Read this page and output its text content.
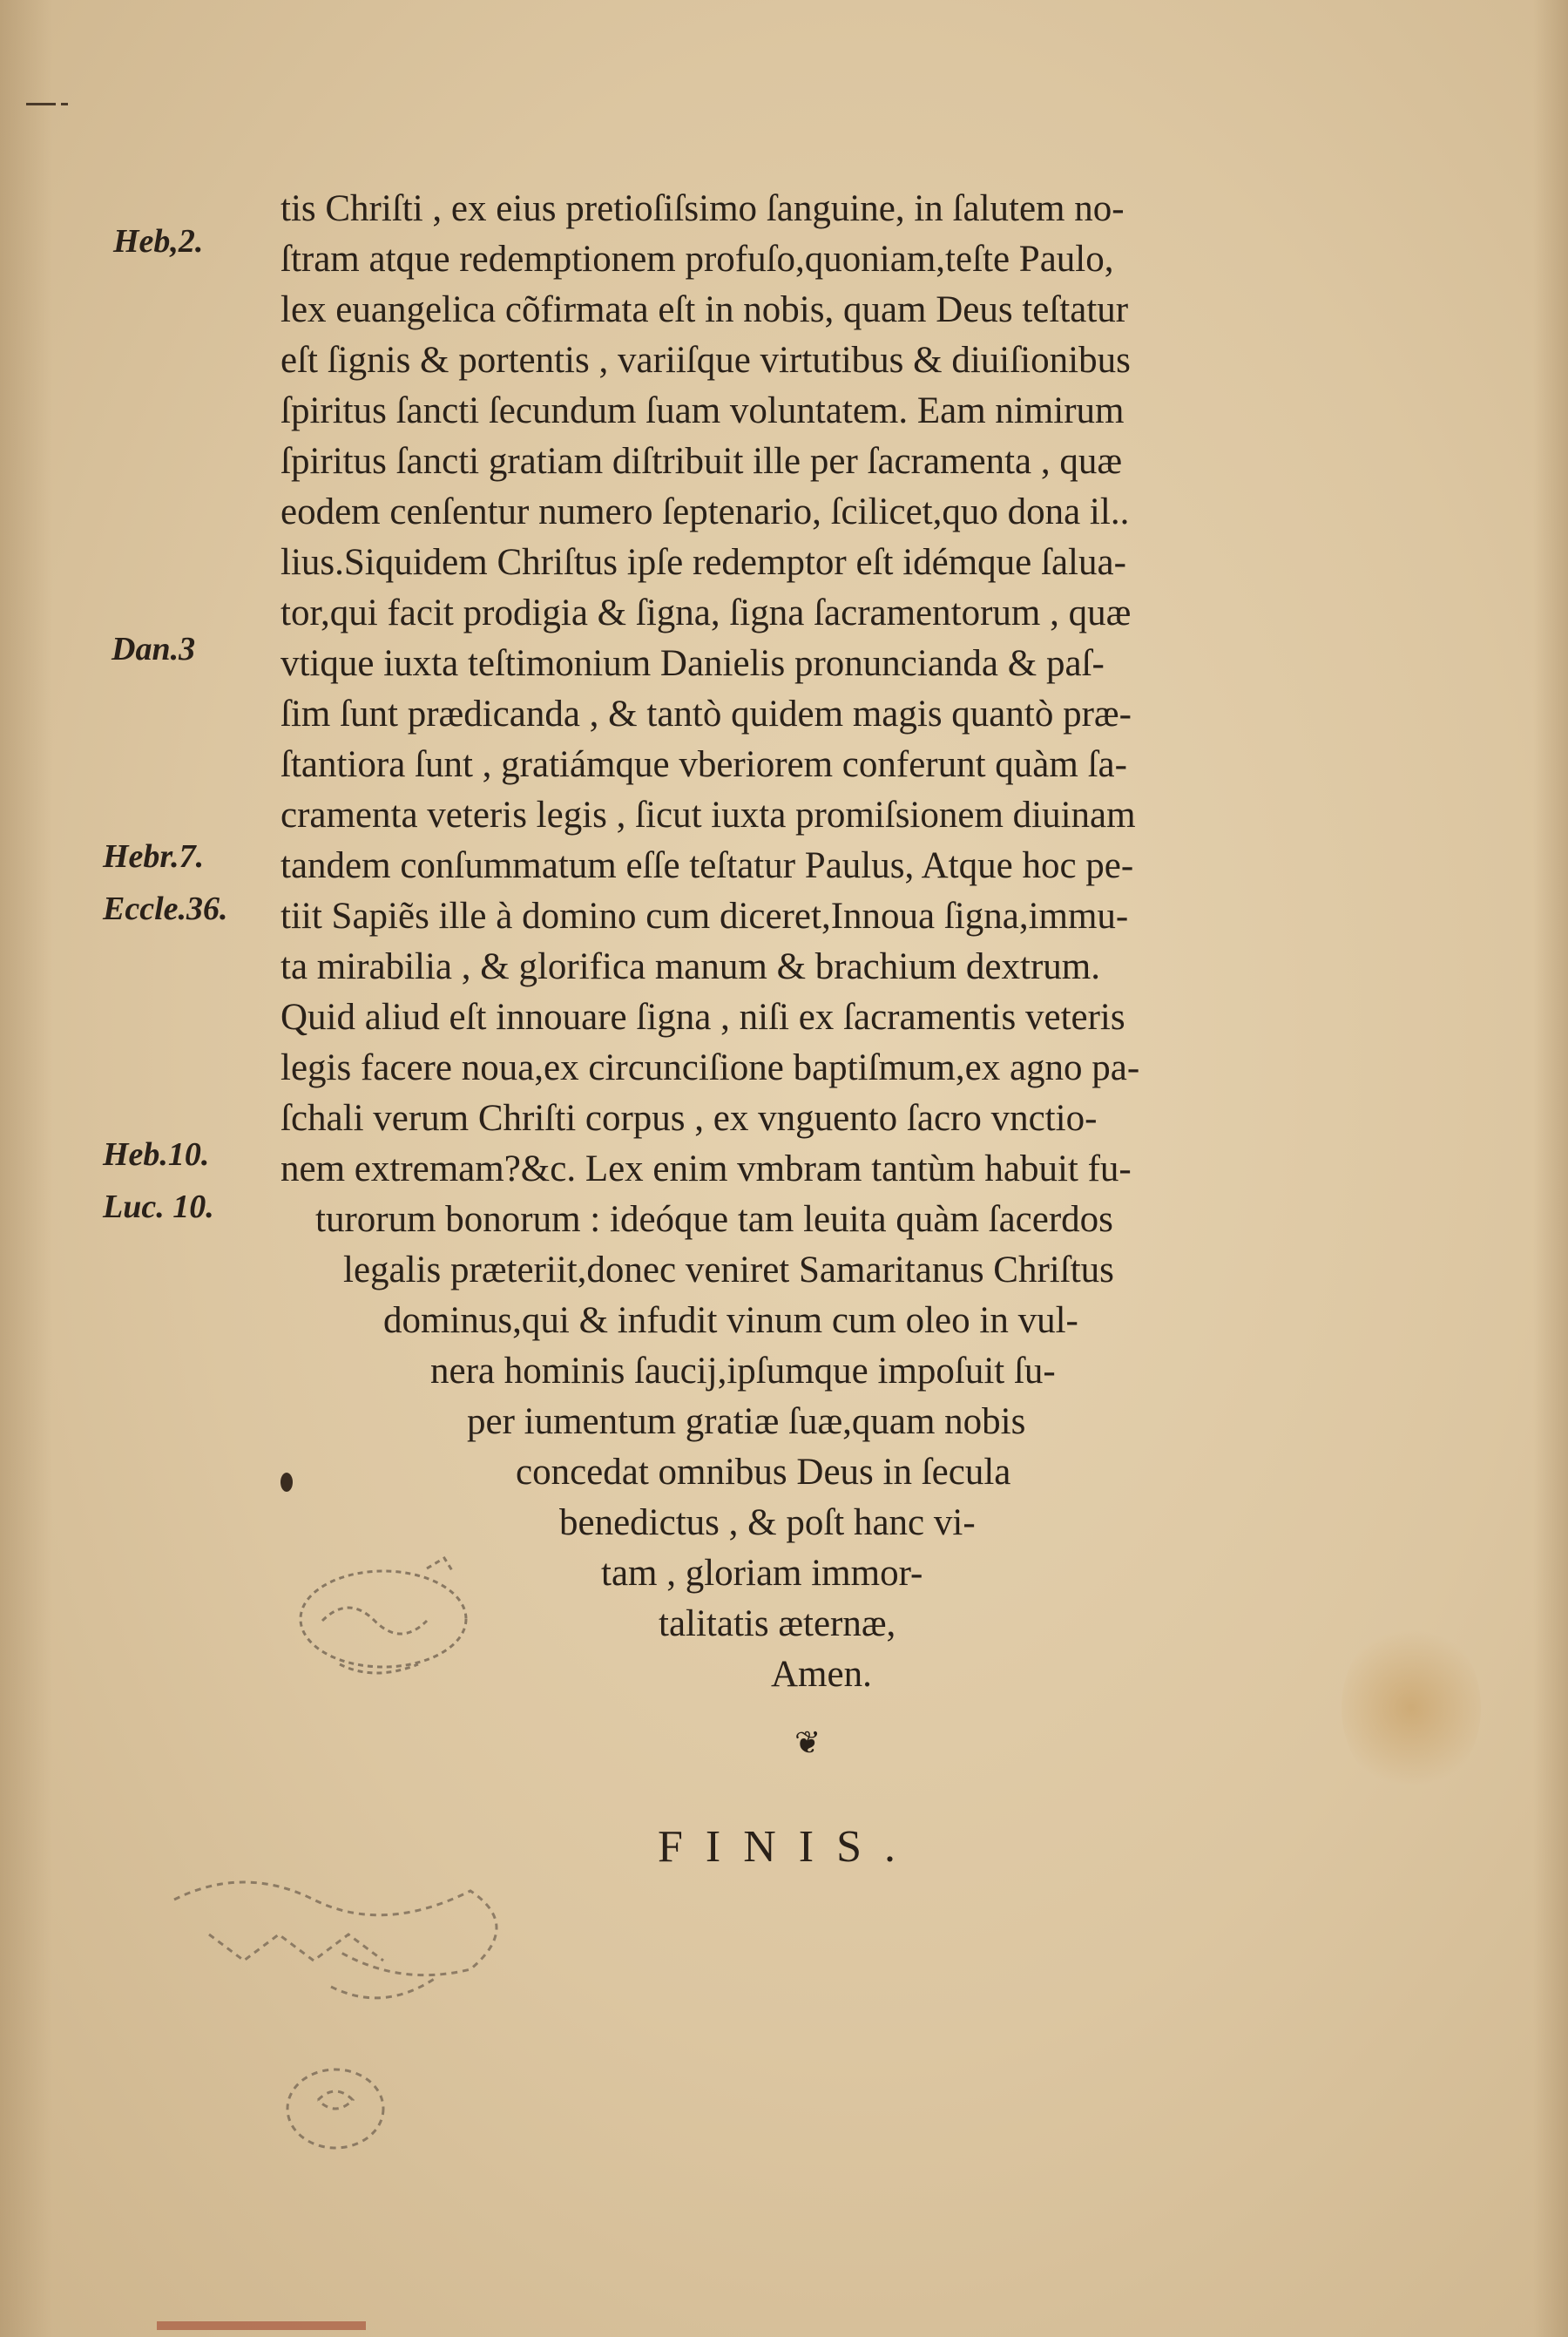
Heb,2.
Dan.3
Hebr.7.
Eccle.36.
Heb.10.
Luc. 10.
tis Chriſti , ex eius pretioſiſsimo ſanguine, in ſalutem no-
ſtram atque redemptionem profuſo,quoniam,teſte Paulo,
lex euangelica cõfirmata eſt in nobis, quam Deus teſtatur
eſt ſignis & portentis , variiſque virtutibus & diuiſionibus
ſpiritus ſancti ſecundum ſuam voluntatem. Eam nimirum
ſpiritus ſancti gratiam diſtribuit ille per ſacramenta , quæ
eodem cenſentur numero ſeptenario, ſcilicet,quo dona il..
lius.Siquidem Chriſtus ipſe redemptor eſt idémque ſaluа-
tor,qui facit prodigia & ſigna, ſigna ſacramentorum , quæ
vtique iuxta teſtimonium Danielis pronuncianda & paſ-
ſim ſunt prædicanda , & tantò quidem magis quantò præ-
ſtantiora ſunt , gratiámque vberiorem conferunt quàm ſa-
cramenta veteris legis , ſicut iuxta promiſsionem diuinam
tandem conſummatum eſſe teſtatur Paulus, Atque hoc pe-
tiit Sapiẽs ille à domino cum diceret,Innoua ſigna,immu-
ta mirabilia , & glorifica manum & brachium dextrum.
Quid aliud eſt innouare ſigna , niſi ex ſacramentis veteris
legis facere noua,ex circunciſione baptiſmum,ex agno pa-
ſchali verum Chriſti corpus , ex vnguento ſacro vnctio-
nem extremam?&c. Lex enim vmbram tantùm habuit fu-
turorum bonorum : ideóque tam leuita quàm ſacerdos
legalis præteriit,donec veniret Samaritanus Chriſtus
dominus,qui & infudit vinum cum oleo in vul-
nera hominis ſaucij,ipſumque impoſuit ſu-
per iumentum gratiæ ſuæ,quam nobis
concedat omnibus Deus in ſecula
benedictus , & poſt hanc vi-
tam , gloriam immor-
talitatis æternæ,
Amen.
❦
FINIS.
